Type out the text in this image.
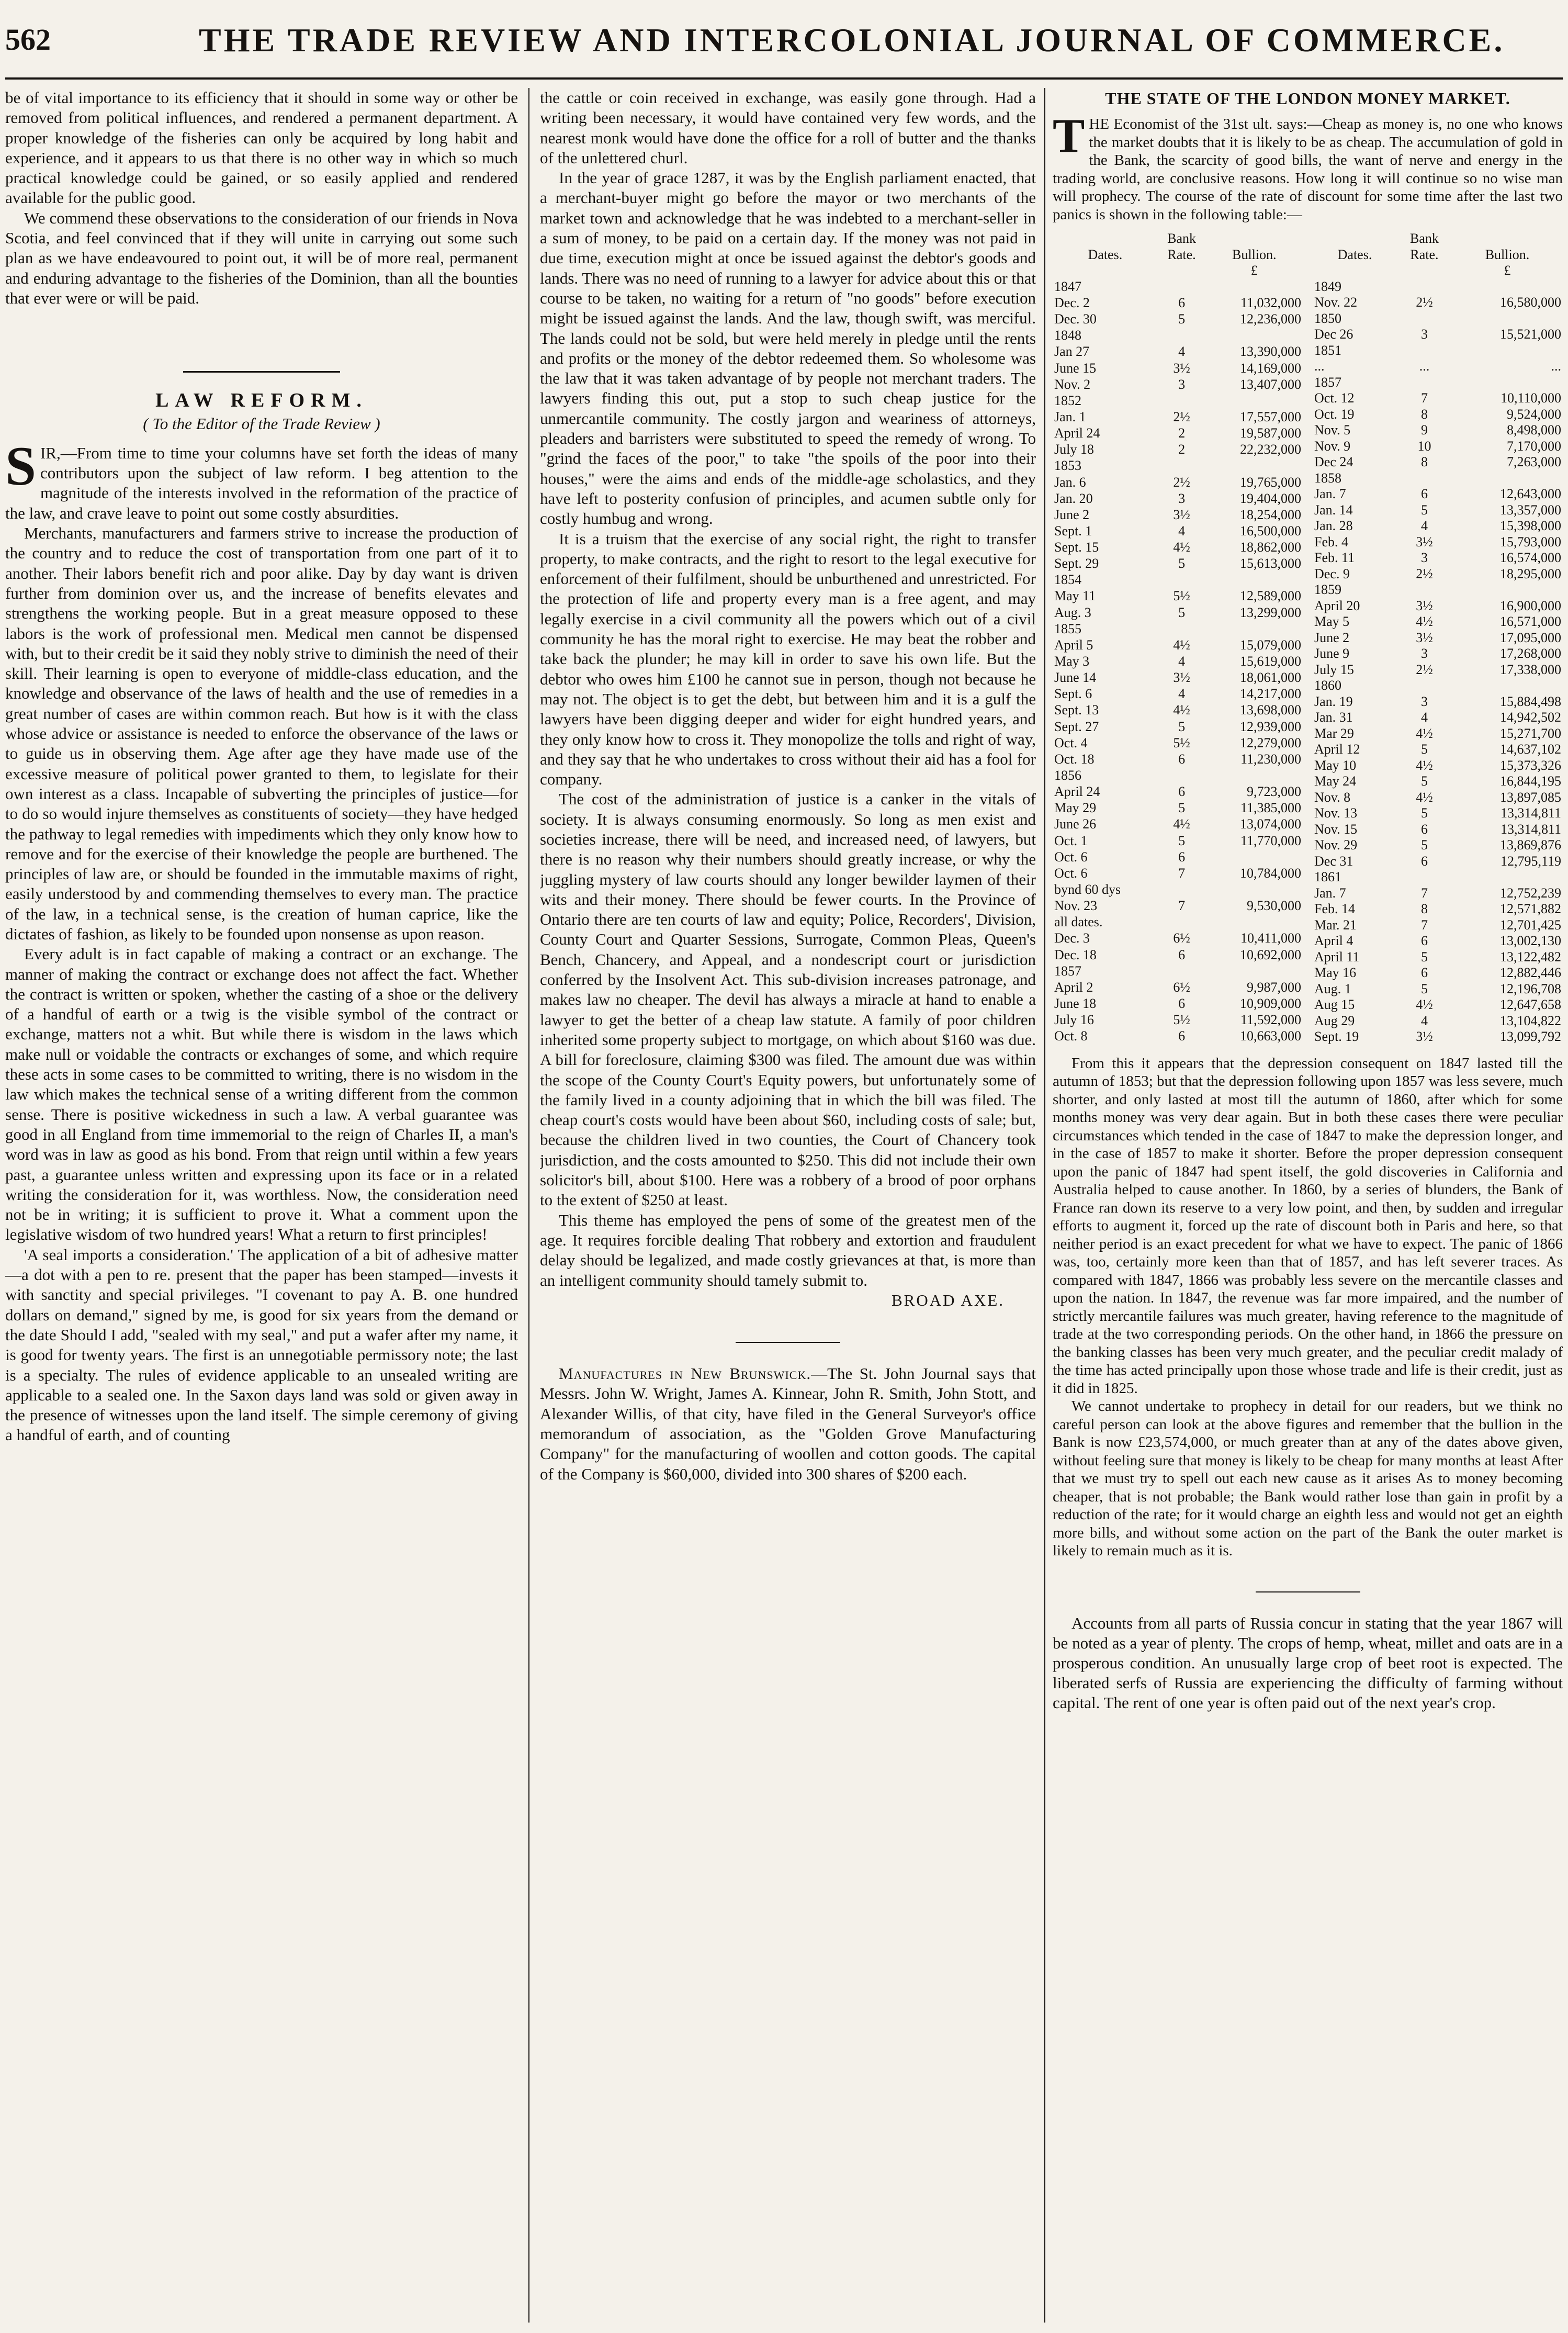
562	THE TRADE REVIEW AND INTERCOLONIAL JOURNAL OF COMMERCE.

be of vital importance to its efficiency that it should in some way or other be removed from political influences, and rendered a permanent department. A proper knowledge of the fisheries can only be acquired by long habit and experience, and it appears to us that there is no other way in which so much practical knowledge could be gained, or so easily applied and rendered available for the public good.

We commend these observations to the consideration of our friends in Nova Scotia, and feel convinced that if they will unite in carrying out some such plan as we have endeavoured to point out, it will be of more real, permanent and enduring advantage to the fisheries of the Dominion, than all the bounties that ever were or will be paid.

LAW REFORM.
( To the Editor of the Trade Review )

SIR,—From time to time your columns have set forth the ideas of many contributors upon the subject of law reform. I beg attention to the magnitude of the interests involved in the reformation of the practice of the law, and crave leave to point out some costly absurdities.

Merchants, manufacturers and farmers strive to increase the production of the country and to reduce the cost of transportation from one part of it to another. Their labors benefit rich and poor alike. Day by day want is driven further from dominion over us, and the increase of benefits elevates and strengthens the working people. But in a great measure opposed to these labors is the work of professional men. Medical men cannot be dispensed with, but to their credit be it said they nobly strive to diminish the need of their skill. Their learning is open to everyone of middle-class education, and the knowledge and observance of the laws of health and the use of remedies in a great number of cases are within common reach. But how is it with the class whose advice or assistance is needed to enforce the observance of the laws or to guide us in observing them. Age after age they have made use of the excessive measure of political power granted to them, to legislate for their own interest as a class. Incapable of subverting the principles of justice—for to do so would injure themselves as constituents of society—they have hedged the pathway to legal remedies with impediments which they only know how to remove and for the exercise of their knowledge the people are burthened. The principles of law are, or should be founded in the immutable maxims of right, easily understood by and commending themselves to every man. The practice of the law, in a technical sense, is the creation of human caprice, like the dictates of fashion, as likely to be founded upon nonsense as upon reason.

Every adult is in fact capable of making a contract or an exchange. The manner of making the contract or exchange does not affect the fact. Whether the contract is written or spoken, whether the casting of a shoe or the delivery of a handful of earth or a twig is the visible symbol of the contract or exchange, matters not a whit. But while there is wisdom in the laws which make null or voidable the contracts or exchanges of some, and which require these acts in some cases to be committed to writing, there is no wisdom in the law which makes the technical sense of a writing different from the common sense. There is positive wickedness in such a law. A verbal guarantee was good in all England from time immemorial to the reign of Charles II, a man's word was in law as good as his bond. From that reign until within a few years past, a guarantee unless written and expressing upon its face or in a related writing the consideration for it, was worthless. Now, the consideration need not be in writing; it is sufficient to prove it. What a comment upon the legislative wisdom of two hundred years! What a return to first principles!

'A seal imports a consideration.' The application of a bit of adhesive matter—a dot with a pen to re. present that the paper has been stamped—invests it with sanctity and special privileges. "I covenant to pay A. B. one hundred dollars on demand," signed by me, is good for six years from the demand or the date Should I add, "sealed with my seal," and put a wafer after my name, it is good for twenty years. The first is an unnegotiable permissory note; the last is a specialty. The rules of evidence applicable to an unsealed writing are applicable to a sealed one. In the Saxon days land was sold or given away in the presence of witnesses upon the land itself. The simple ceremony of giving a handful of earth, and of counting

the cattle or coin received in exchange, was easily gone through. Had a writing been necessary, it would have contained very few words, and the nearest monk would have done the office for a roll of butter and the thanks of the unlettered churl.

In the year of grace 1287, it was by the English parliament enacted, that a merchant-buyer might go before the mayor or two merchants of the market town and acknowledge that he was indebted to a merchant-seller in a sum of money, to be paid on a certain day. If the money was not paid in due time, execution might at once be issued against the debtor's goods and lands. There was no need of running to a lawyer for advice about this or that course to be taken, no waiting for a return of "no goods" before execution might be issued against the lands. And the law, though swift, was merciful. The lands could not be sold, but were held merely in pledge until the rents and profits or the money of the debtor redeemed them. So wholesome was the law that it was taken advantage of by people not merchant traders. The lawyers finding this out, put a stop to such cheap justice for the unmercantile community. The costly jargon and weariness of attorneys, pleaders and barristers were substituted to speed the remedy of wrong. To "grind the faces of the poor," to take "the spoils of the poor into their houses," were the aims and ends of the middle-age scholastics, and they have left to posterity confusion of principles, and acumen subtle only for costly humbug and wrong.

It is a truism that the exercise of any social right, the right to transfer property, to make contracts, and the right to resort to the legal executive for enforcement of their fulfilment, should be unburthened and unrestricted. For the protection of life and property every man is a free agent, and may legally exercise in a civil community all the powers which out of a civil community he has the moral right to exercise. He may beat the robber and take back the plunder; he may kill in order to save his own life. But the debtor who owes him £100 he cannot sue in person, though not because he may not. The object is to get the debt, but between him and it is a gulf the lawyers have been digging deeper and wider for eight hundred years, and they only know how to cross it. They monopolize the tolls and right of way, and they say that he who undertakes to cross without their aid has a fool for company.

The cost of the administration of justice is a canker in the vitals of society. It is always consuming enormously. So long as men exist and societies increase, there will be need, and increased need, of lawyers, but there is no reason why their numbers should greatly increase, or why the juggling mystery of law courts should any longer bewilder laymen of their wits and their money. There should be fewer courts. In the Province of Ontario there are ten courts of law and equity; Police, Recorders', Division, County Court and Quarter Sessions, Surrogate, Common Pleas, Queen's Bench, Chancery, and Appeal, and a nondescript court or jurisdiction conferred by the Insolvent Act. This sub-division increases patronage, and makes law no cheaper. The devil has always a miracle at hand to enable a lawyer to get the better of a cheap law statute. A family of poor children inherited some property subject to mortgage, on which about $160 was due. A bill for foreclosure, claiming $300 was filed. The amount due was within the scope of the County Court's Equity powers, but unfortunately some of the family lived in a county adjoining that in which the bill was filed. The cheap court's costs would have been about $60, including costs of sale; but, because the children lived in two counties, the Court of Chancery took jurisdiction, and the costs amounted to $250. This did not include their own solicitor's bill, about $100. Here was a robbery of a brood of poor orphans to the extent of $250 at least.

This theme has employed the pens of some of the greatest men of the age. It requires forcible dealing That robbery and extortion and fraudulent delay should be legalized, and made costly grievances at that, is more than an intelligent community should tamely submit to.

BROAD AXE.

Manufactures in New Brunswick.—The St. John Journal says that Messrs. John W. Wright, James A. Kinnear, John R. Smith, John Stott, and Alexander Willis, of that city, have filed in the General Surveyor's office memorandum of association, as the "Golden Grove Manufacturing Company" for the manufacturing of woollen and cotton goods. The capital of the Company is $60,000, divided into 300 shares of $200 each.

THE STATE OF THE LONDON MONEY MARKET.

THE Economist of the 31st ult. says:—Cheap as money is, no one who knows the market doubts that it is likely to be as cheap. The accumulation of gold in the Bank, the scarcity of good bills, the want of nerve and energy in the trading world, are conclusive reasons. How long it will continue so no wise man will prophecy. The course of the rate of discount for some time after the last two panics is shown in the following table:—

	Bank	
Dates.	Rate.	Bullion.
		£
1847		
Dec. 2	6	11,032,000
Dec. 30	5	12,236,000
1848		
Jan 27	4	13,390,000
June 15	3½	14,169,000
Nov. 2	3	13,407,000
1852		
Jan. 1	2½	17,557,000
April 24	2	19,587,000
July 18	2	22,232,000
1853		
Jan. 6	2½	19,765,000
Jan. 20	3	19,404,000
June 2	3½	18,254,000
Sept. 1	4	16,500,000
Sept. 15	4½	18,862,000
Sept. 29	5	15,613,000
1854		
May 11	5½	12,589,000
Aug. 3	5	13,299,000
1855		
April 5	4½	15,079,000
May 3	4	15,619,000
June 14	3½	18,061,000
Sept. 6	4	14,217,000
Sept. 13	4½	13,698,000
Sept. 27	5	12,939,000
Oct. 4	5½	12,279,000
Oct. 18	6	11,230,000
1856		
April 24	6	9,723,000
May 29	5	11,385,000
June 26	4½	13,074,000
Oct. 1	5	11,770,000
Oct. 6	6	
Oct. 6	7	10,784,000
bynd 60 dys		
Nov. 23	7	9,530,000
all dates.		
Dec. 3	6½	10,411,000
Dec. 18	6	10,692,000
1857		
April 2	6½	9,987,000
June 18	6	10,909,000
July 16	5½	11,592,000
Oct. 8	6	10,663,000
	Bank	
Dates.	Rate.	Bullion.
		£
1849		
Nov. 22	2½	16,580,000
1850		
Dec 26	3	15,521,000
1851		
...	...	...

1857		
Oct. 12	7	10,110,000
Oct. 19	8	9,524,000
Nov. 5	9	8,498,000
Nov. 9	10	7,170,000
Dec 24	8	7,263,000
1858		
Jan. 7	6	12,643,000
Jan. 14	5	13,357,000
Jan. 28	4	15,398,000
Feb. 4	3½	15,793,000
Feb. 11	3	16,574,000
Dec. 9	2½	18,295,000
1859		
April 20	3½	16,900,000
May 5	4½	16,571,000
June 2	3½	17,095,000
June 9	3	17,268,000
July 15	2½	17,338,000
1860		
Jan. 19	3	15,884,498
Jan. 31	4	14,942,502
Mar 29	4½	15,271,700
April 12	5	14,637,102
May 10	4½	15,373,326
May 24	5	16,844,195
Nov. 8	4½	13,897,085
Nov. 13	5	13,314,811
Nov. 15	6	13,314,811
Nov. 29	5	13,869,876
Dec 31	6	12,795,119
1861		
Jan. 7	7	12,752,239
Feb. 14	8	12,571,882
Mar. 21	7	12,701,425
April 4	6	13,002,130
April 11	5	13,122,482
May 16	6	12,882,446
Aug. 1	5	12,196,708
Aug 15	4½	12,647,658
Aug 29	4	13,104,822
Sept. 19	3½	13,099,792

From this it appears that the depression consequent on 1847 lasted till the autumn of 1853; but that the depression following upon 1857 was less severe, much shorter, and only lasted at most till the autumn of 1860, after which for some months money was very dear again. But in both these cases there were peculiar circumstances which tended in the case of 1847 to make the depression longer, and in the case of 1857 to make it shorter. Before the proper depression consequent upon the panic of 1847 had spent itself, the gold discoveries in California and Australia helped to cause another. In 1860, by a series of blunders, the Bank of France ran down its reserve to a very low point, and then, by sudden and irregular efforts to augment it, forced up the rate of discount both in Paris and here, so that neither period is an exact precedent for what we have to expect. The panic of 1866 was, too, certainly more keen than that of 1857, and has left severer traces. As compared with 1847, 1866 was probably less severe on the mercantile classes and upon the nation. In 1847, the revenue was far more impaired, and the number of strictly mercantile failures was much greater, having reference to the magnitude of trade at the two corresponding periods. On the other hand, in 1866 the pressure on the banking classes has been very much greater, and the peculiar credit malady of the time has acted principally upon those whose trade and life is their credit, just as it did in 1825.

We cannot undertake to prophecy in detail for our readers, but we think no careful person can look at the above figures and remember that the bullion in the Bank is now £23,574,000, or much greater than at any of the dates above given, without feeling sure that money is likely to be cheap for many months at least After that we must try to spell out each new cause as it arises As to money becoming cheaper, that is not probable; the Bank would rather lose than gain in profit by a reduction of the rate; for it would charge an eighth less and would not get an eighth more bills, and without some action on the part of the Bank the outer market is likely to remain much as it is.

Accounts from all parts of Russia concur in stating that the year 1867 will be noted as a year of plenty. The crops of hemp, wheat, millet and oats are in a prosperous condition. An unusually large crop of beet root is expected. The liberated serfs of Russia are experiencing the difficulty of farming without capital. The rent of one year is often paid out of the next year's crop.
